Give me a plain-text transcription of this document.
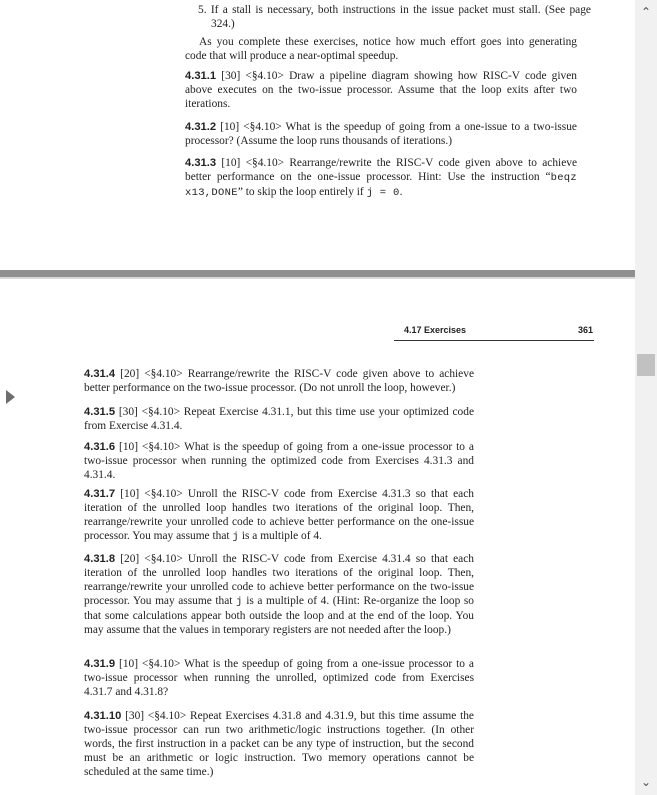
5. If a stall is necessary, both instructions in the issue packet must stall. (See page 324.)

As you complete these exercises, notice how much effort goes into generating code that will produce a near-optimal speedup.

4.31.1 [30] <§4.10> Draw a pipeline diagram showing how RISC-V code given above executes on the two-issue processor. Assume that the loop exits after two iterations.

4.31.2 [10] <§4.10> What is the speedup of going from a one-issue to a two-issue processor? (Assume the loop runs thousands of iterations.)

4.31.3 [10] <§4.10> Rearrange/rewrite the RISC-V code given above to achieve better performance on the one-issue processor. Hint: Use the instruction “beqz x13,DONE” to skip the loop entirely if j = 0.

4.17 Exercises	361

4.31.4 [20] <§4.10> Rearrange/rewrite the RISC-V code given above to achieve better performance on the two-issue processor. (Do not unroll the loop, however.)

4.31.5 [30] <§4.10> Repeat Exercise 4.31.1, but this time use your optimized code from Exercise 4.31.4.

4.31.6 [10] <§4.10> What is the speedup of going from a one-issue processor to a two-issue processor when running the optimized code from Exercises 4.31.3 and 4.31.4.

4.31.7 [10] <§4.10> Unroll the RISC-V code from Exercise 4.31.3 so that each iteration of the unrolled loop handles two iterations of the original loop. Then, rearrange/rewrite your unrolled code to achieve better performance on the one-issue processor. You may assume that j is a multiple of 4.

4.31.8 [20] <§4.10> Unroll the RISC-V code from Exercise 4.31.4 so that each iteration of the unrolled loop handles two iterations of the original loop. Then, rearrange/rewrite your unrolled code to achieve better performance on the two-issue processor. You may assume that j is a multiple of 4. (Hint: Re-organize the loop so that some calculations appear both outside the loop and at the end of the loop. You may assume that the values in temporary registers are not needed after the loop.)

4.31.9 [10] <§4.10> What is the speedup of going from a one-issue processor to a two-issue processor when running the unrolled, optimized code from Exercises 4.31.7 and 4.31.8?

4.31.10 [30] <§4.10> Repeat Exercises 4.31.8 and 4.31.9, but this time assume the two-issue processor can run two arithmetic/logic instructions together. (In other words, the first instruction in a packet can be any type of instruction, but the second must be an arithmetic or logic instruction. Two memory operations cannot be scheduled at the same time.)

⌃
⌄
